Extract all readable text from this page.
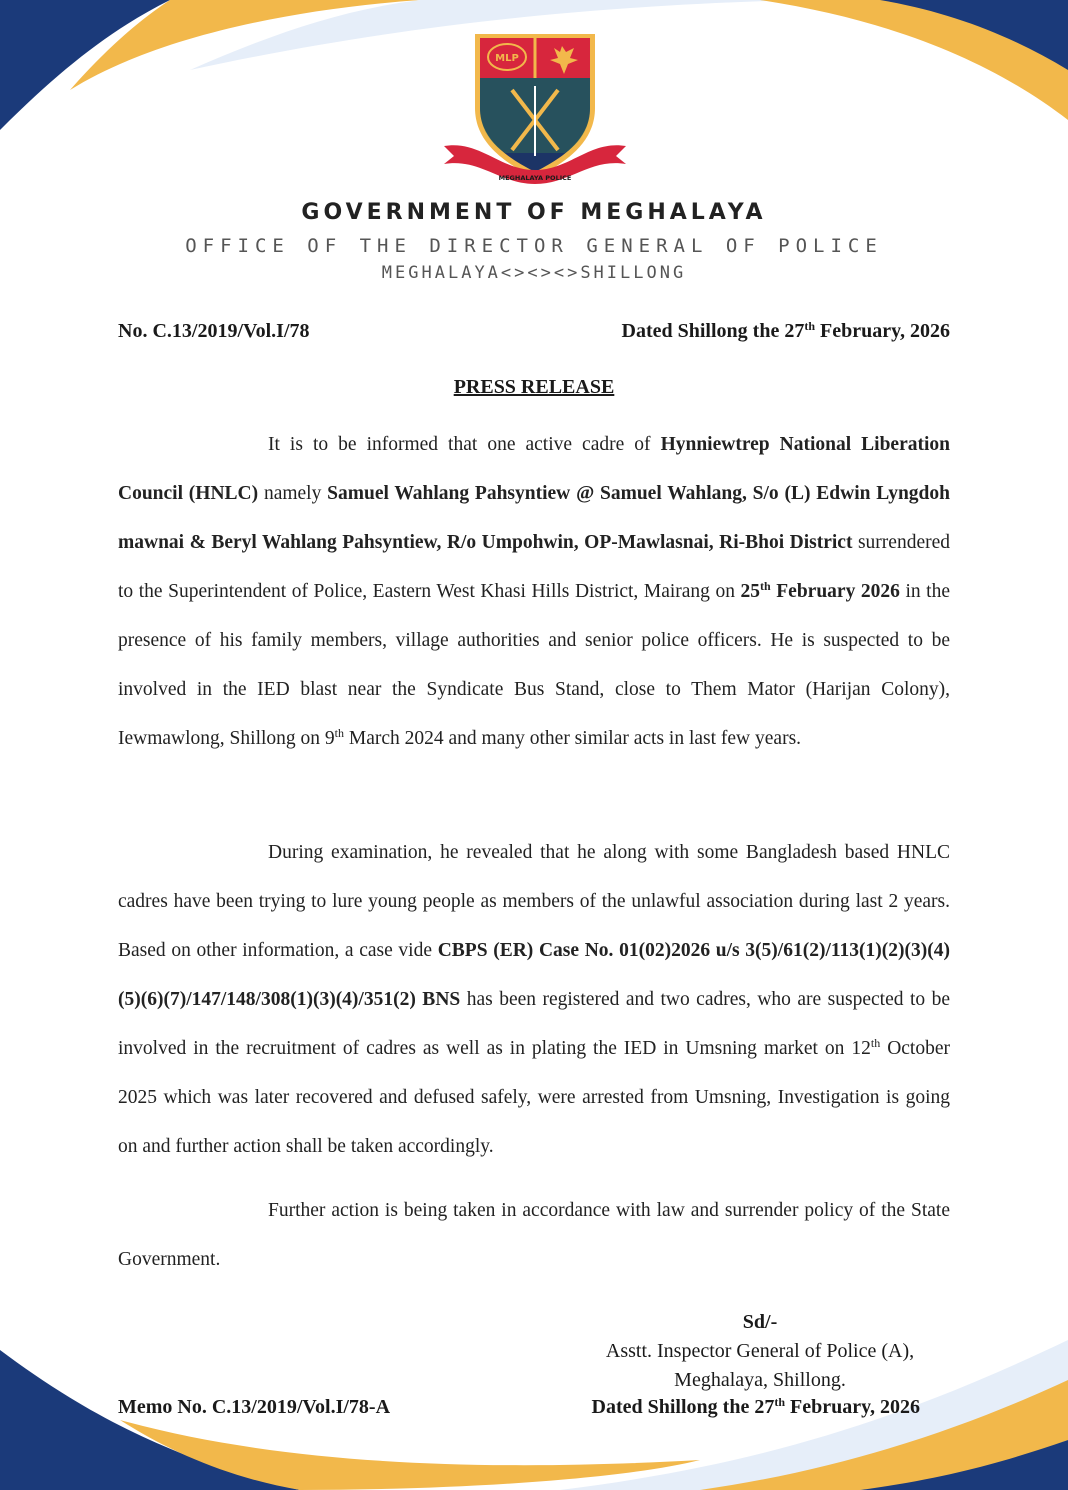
MLP
MEGHALAYA POLICE
GOVERNMENT OF MEGHALAYA
OFFICE OF THE DIRECTOR GENERAL OF POLICE
MEGHALAYA<><><>SHILLONG
No. C.13/2019/Vol.I/78	Dated Shillong the 27th February, 2026
PRESS RELEASE

It is to be informed that one active cadre of Hynniewtrep National Liberation Council (HNLC) namely Samuel Wahlang Pahsyntiew @ Samuel Wahlang, S/o (L) Edwin Lyngdoh mawnai & Beryl Wahlang Pahsyntiew, R/o Umpohwin, OP-Mawlasnai, Ri-Bhoi District surrendered to the Superintendent of Police, Eastern West Khasi Hills District, Mairang on 25th February 2026 in the presence of his family members, village authorities and senior police officers. He is suspected to be involved in the IED blast near the Syndicate Bus Stand, close to Them Mator (Harijan Colony), Iewmawlong, Shillong on 9th March 2024 and many other similar acts in last few years.

During examination, he revealed that he along with some Bangladesh based HNLC cadres have been trying to lure young people as members of the unlawful association during last 2 years. Based on other information, a case vide CBPS (ER) Case No. 01(02)2026 u/s 3(5)/61(2)/113(1)(2)(3)(4)(5)(6)(7)/147/148/308(1)(3)(4)/351(2) BNS has been registered and two cadres, who are suspected to be involved in the recruitment of cadres as well as in plating the IED in Umsning market on 12th October 2025 which was later recovered and defused safely, were arrested from Umsning, Investigation is going on and further action shall be taken accordingly.

Further action is being taken in accordance with law and surrender policy of the State Government.

Sd/-
Asstt. Inspector General of Police (A),
Meghalaya, Shillong.
Memo No. C.13/2019/Vol.I/78-A	Dated Shillong the 27th February, 2026
